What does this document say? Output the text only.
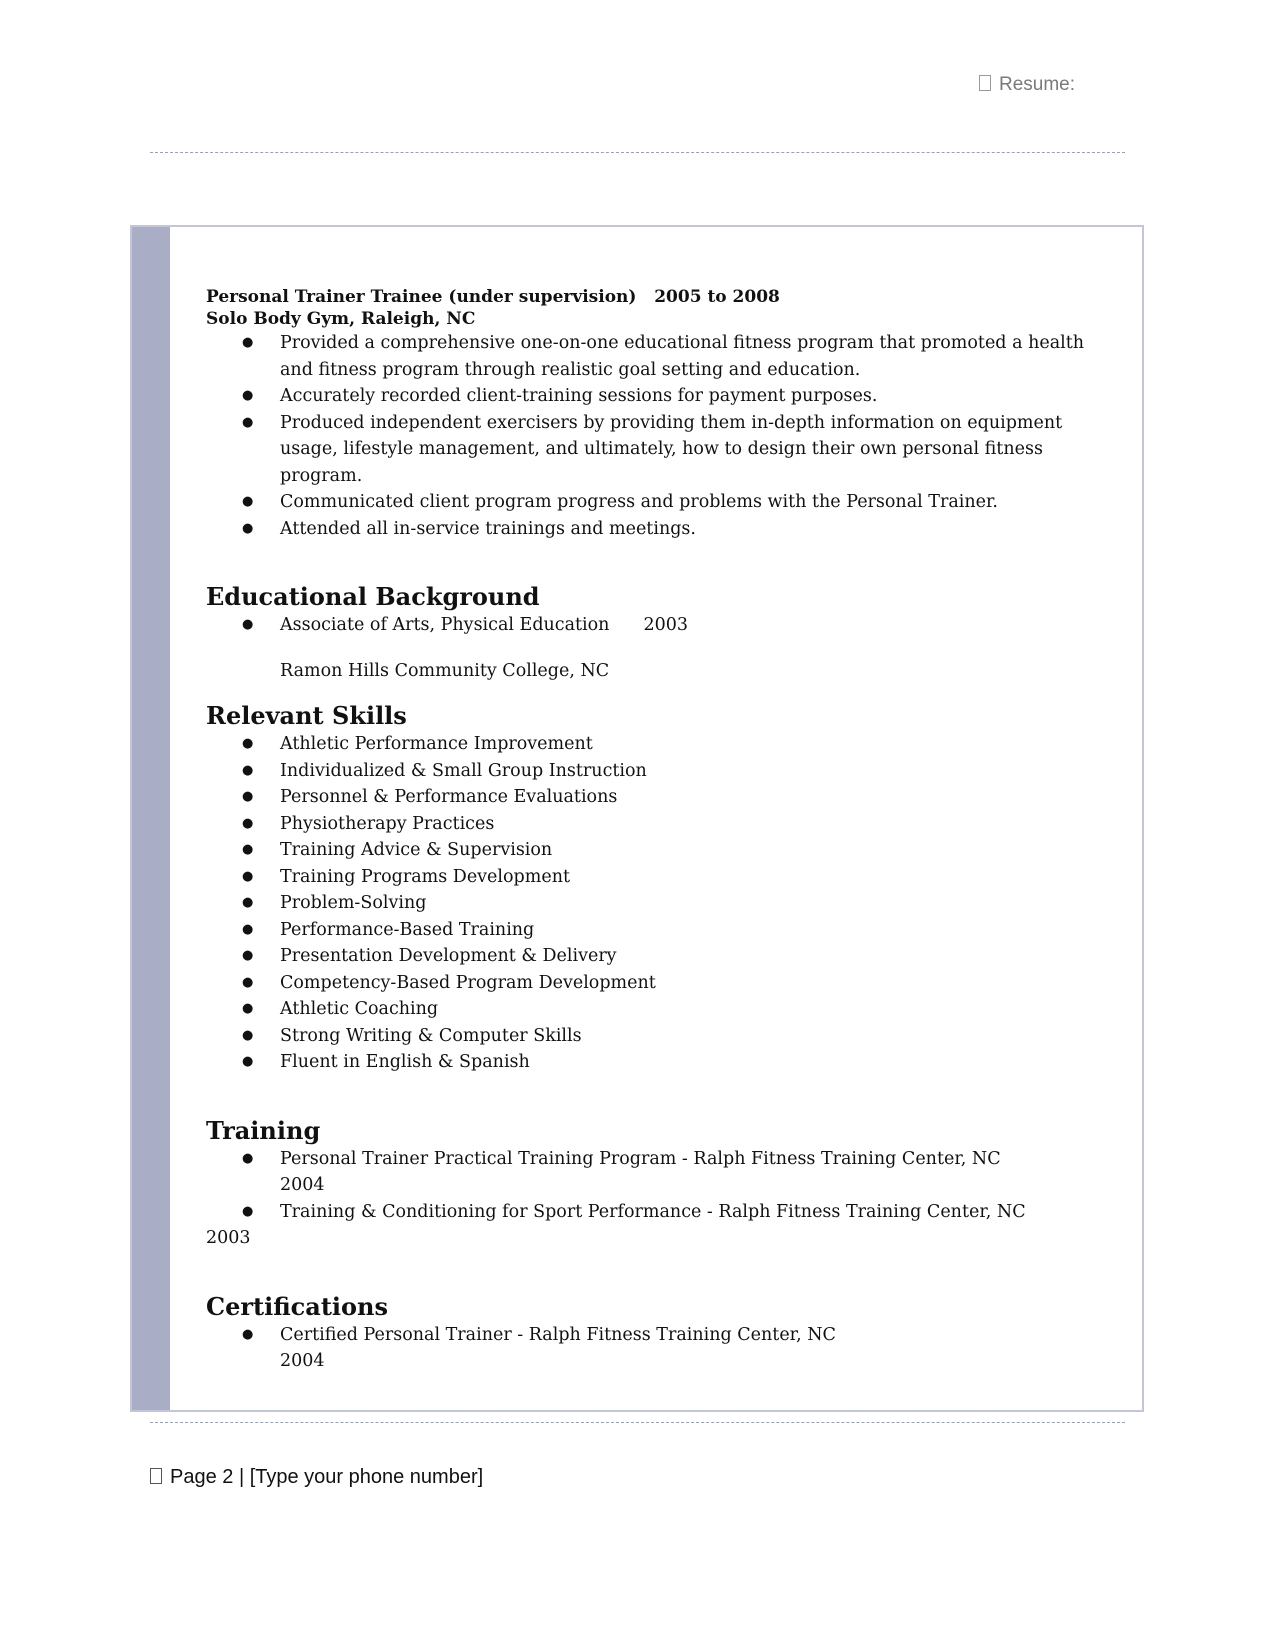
Resume:
Personal Trainer Trainee (under supervision) 2005 to 2008
Solo Body Gym, Raleigh, NC
● Provided a comprehensive one-on-one educational fitness program that promoted a health and fitness program through realistic goal setting and education.
● Accurately recorded client-training sessions for payment purposes.
● Produced independent exercisers by providing them in-depth information on equipment usage, lifestyle management, and ultimately, how to design their own personal fitness program.
● Communicated client program progress and problems with the Personal Trainer.
● Attended all in-service trainings and meetings.
Educational Background
● Associate of Arts, Physical Education 2003
Ramon Hills Community College, NC
Relevant Skills
● Athletic Performance Improvement
● Individualized & Small Group Instruction
● Personnel & Performance Evaluations
● Physiotherapy Practices
● Training Advice & Supervision
● Training Programs Development
● Problem-Solving
● Performance-Based Training
● Presentation Development & Delivery
● Competency-Based Program Development
● Athletic Coaching
● Strong Writing & Computer Skills
● Fluent in English & Spanish
Training
● Personal Trainer Practical Training Program - Ralph Fitness Training Center, NC
2004
● Training & Conditioning for Sport Performance - Ralph Fitness Training Center, NC
2003
Certifications
● Certified Personal Trainer - Ralph Fitness Training Center, NC
2004
Page 2 | [Type your phone number]
